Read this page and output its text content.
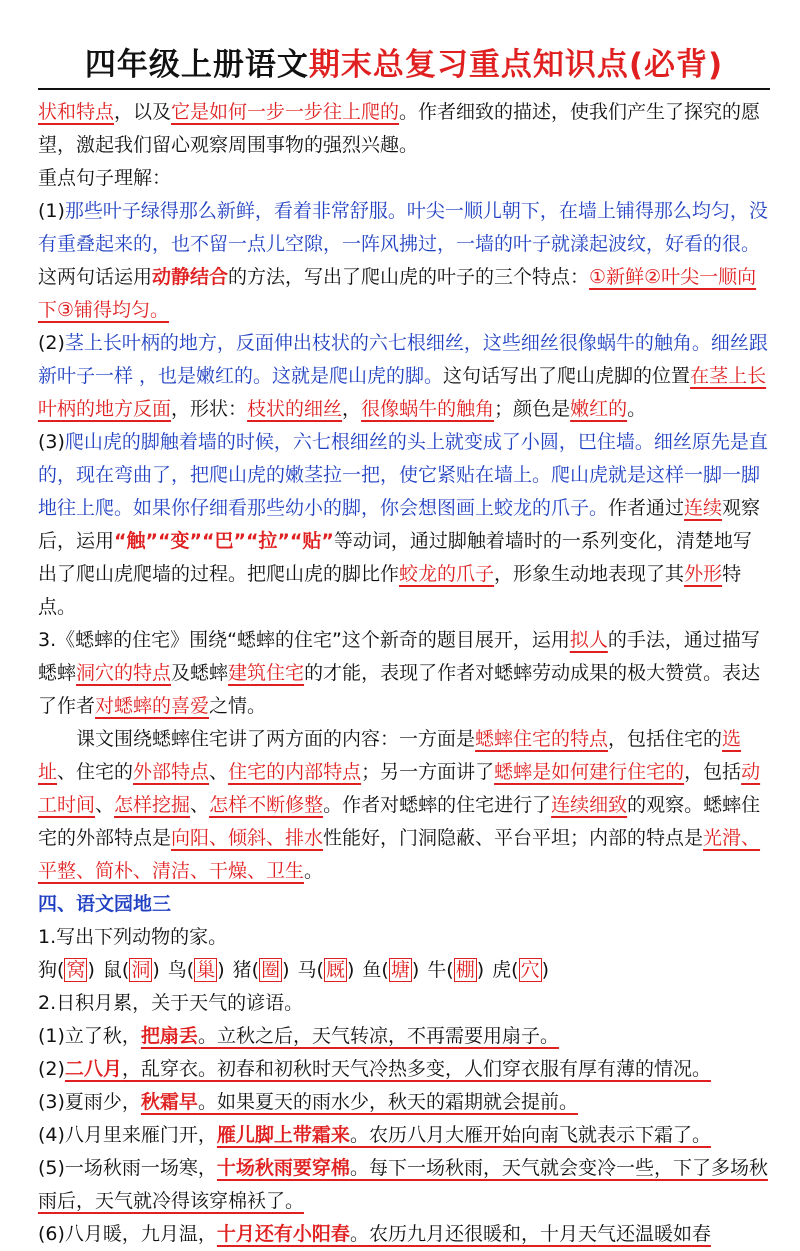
四年级上册语文期末总复习重点知识点(必背)

状和特点，以及它是如何一步一步往上爬的。作者细致的描述，使我们产生了探究的愿望，激起我们留心观察周围事物的强烈兴趣。

重点句子理解：

(1)那些叶子绿得那么新鲜，看着非常舒服。叶尖一顺儿朝下，在墙上铺得那么均匀，没有重叠起来的，也不留一点儿空隙，一阵风拂过，一墙的叶子就漾起波纹，好看的很。这两句话运用动静结合的方法，写出了爬山虎的叶子的三个特点：①新鲜②叶尖一顺向下③铺得均匀。

(2)茎上长叶柄的地方，反面伸出枝状的六七根细丝，这些细丝很像蜗牛的触角。细丝跟新叶子一样 ，也是嫩红的。这就是爬山虎的脚。这句话写出了爬山虎脚的位置在茎上长叶柄的地方反面，形状：枝状的细丝，很像蜗牛的触角；颜色是嫩红的。

(3)爬山虎的脚触着墙的时候，六七根细丝的头上就变成了小圆，巴住墙。细丝原先是直的，现在弯曲了，把爬山虎的嫩茎拉一把，使它紧贴在墙上。爬山虎就是这样一脚一脚地往上爬。如果你仔细看那些幼小的脚，你会想图画上蛟龙的爪子。作者通过连续观察后，运用“触”“变”“巴”“拉”“贴”等动词，通过脚触着墙时的一系列变化，清楚地写出了爬山虎爬墙的过程。把爬山虎的脚比作蛟龙的爪子，形象生动地表现了其外形特点。

3.《蟋蟀的住宅》围绕“蟋蟀的住宅”这个新奇的题目展开，运用拟人的手法，通过描写蟋蟀洞穴的特点及蟋蟀建筑住宅的才能，表现了作者对蟋蟀劳动成果的极大赞赏。表达了作者对蟋蟀的喜爱之情。

课文围绕蟋蟀住宅讲了两方面的内容：一方面是蟋蟀住宅的特点，包括住宅的选址、住宅的外部特点、住宅的内部特点；另一方面讲了蟋蟀是如何建行住宅的，包括动工时间、怎样挖掘、怎样不断修整。作者对蟋蟀的住宅进行了连续细致的观察。蟋蟀住宅的外部特点是向阳、倾斜、排水性能好，门洞隐蔽、平台平坦；内部的特点是光滑、平整、简朴、清洁、干燥、卫生。

四、语文园地三

1.写出下列动物的家。

狗( 窝 ) 鼠( 洞 ) 鸟( 巢 ) 猪( 圈 ) 马( 厩 ) 鱼( 塘 ) 牛( 棚 ) 虎( 穴 )

2.日积月累，关于天气的谚语。

(1)立了秋，把扇丢。立秋之后，天气转凉，不再需要用扇子。

(2)二八月，乱穿衣。初春和初秋时天气冷热多变，人们穿衣服有厚有薄的情况。

(3)夏雨少，秋霜早。如果夏天的雨水少，秋天的霜期就会提前。

(4)八月里来雁门开，雁儿脚上带霜来。农历八月大雁开始向南飞就表示下霜了。

(5)一场秋雨一场寒，十场秋雨要穿棉。每下一场秋雨，天气就会变冷一些，下了多场秋雨后，天气就冷得该穿棉袄了。

(6)八月暖，九月温，十月还有小阳春。农历九月还很暖和，十月天气还温暖如春
